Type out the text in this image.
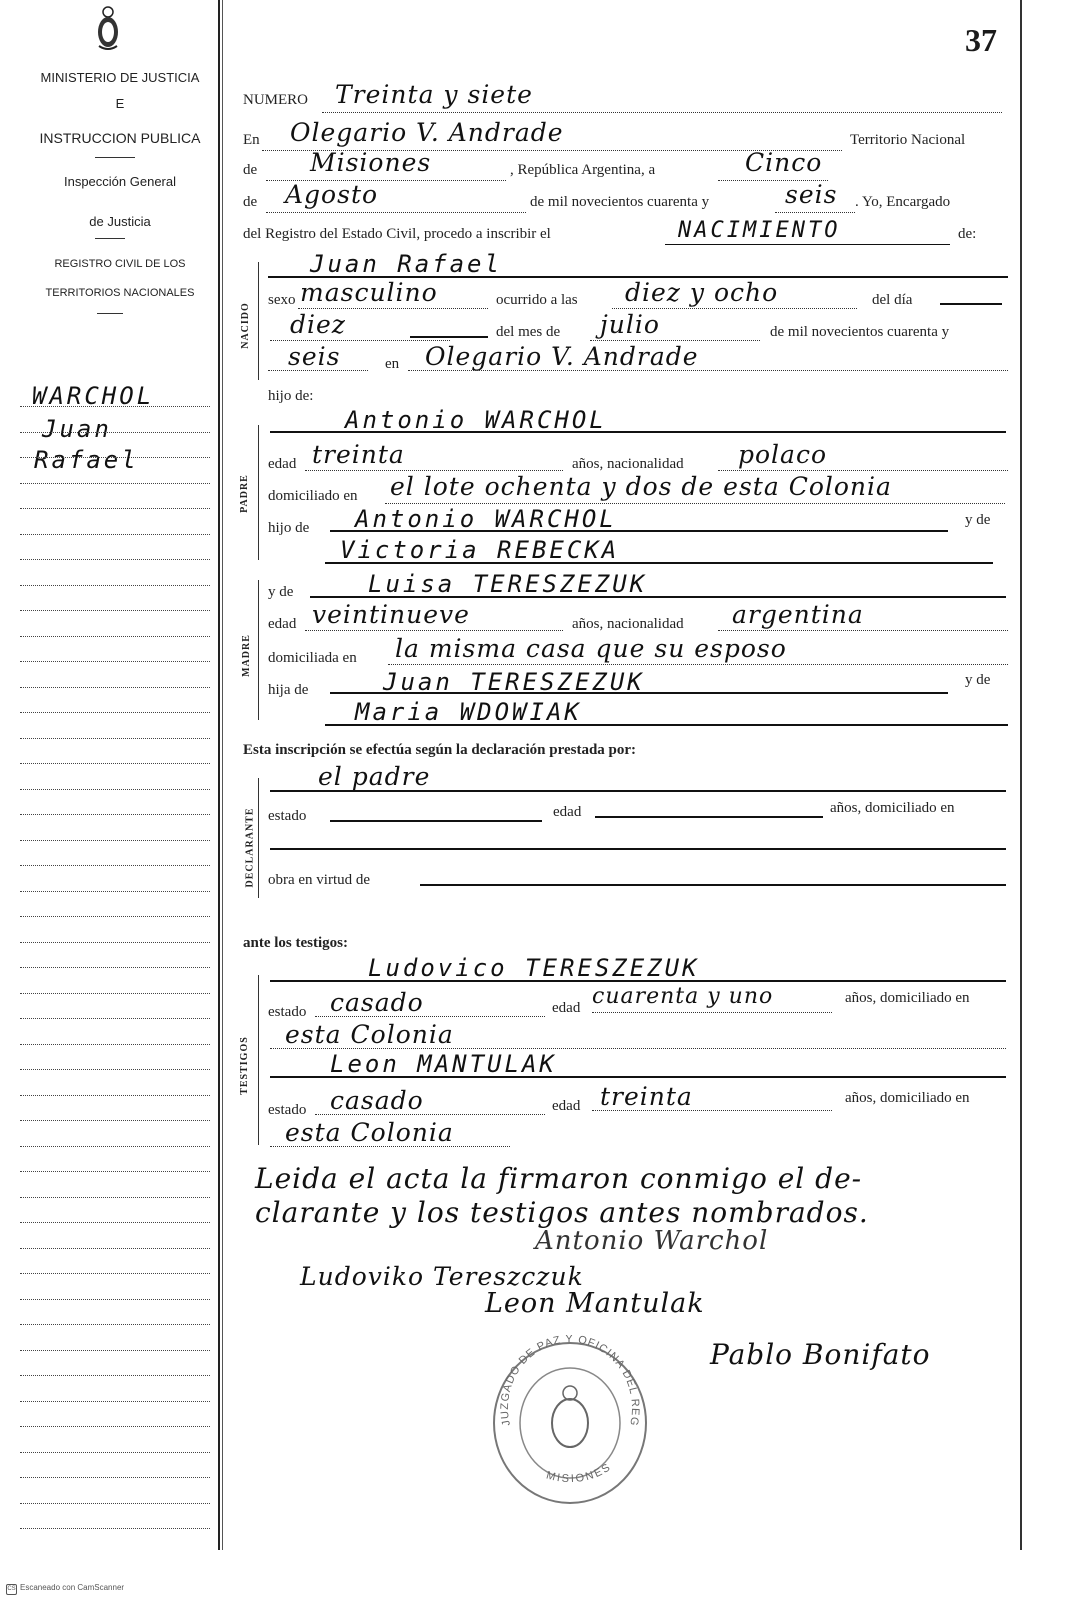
MINISTERIO DE JUSTICIA
E
INSTRUCCION PUBLICA
Inspección General
de Justicia
REGISTRO CIVIL DE LOS
TERRITORIOS NACIONALES
WARCHOL
Juan
Rafael
37
NUMERO Treinta y siete
En Olegario V. Andrade	Territorio Nacional
de Misiones	, República Argentina, a	Cinco
de Agosto	de mil novecientos cuarenta y	seis . Yo, Encargado
del Registro del Estado Civil, procedo a inscribir el	NACIMIENTO	de:
NACIDO
Juan Rafael
sexo masculino	ocurrido a las diez y ocho	del día
diez	del mes de julio	de mil novecientos cuarenta y
seis	en Olegario V. Andrade
hijo de:
PADRE
Antonio WARCHOL
edad treinta	años, nacionalidad polaco
domiciliado en el lote ochenta y dos de esta Colonia
hijo de Antonio WARCHOL	y de
Victoria REBECKA
y de
MADRE
Luisa TERESZEZUK
edad veintinueve	años, nacionalidad argentina
domiciliada en la misma casa que su esposo
hija de	Juan TERESZEZUK	y de
Maria WDOWIAK
Esta inscripción se efectúa según la declaración prestada por:
DECLARANTE
el padre
estado	edad	años, domiciliado en
obra en virtud de
ante los testigos:
TESTIGOS
Ludovico TERESZEZUK
estado casado	edad cuarenta y uno	años, domiciliado en
esta Colonia
Leon MANTULAK
estado casado	edad treinta	años, domiciliado en
esta Colonia
Leida el acta la firmaron conmigo el de-
clarante y los testigos antes nombrados.
Antonio Warchol
Ludoviko Tereszczuk
Leon Mantulak
Pablo Bonifato
JUZGADO DE PAZ Y OFICINA DEL REG
MISIONES
CS Escaneado con CamScanner
